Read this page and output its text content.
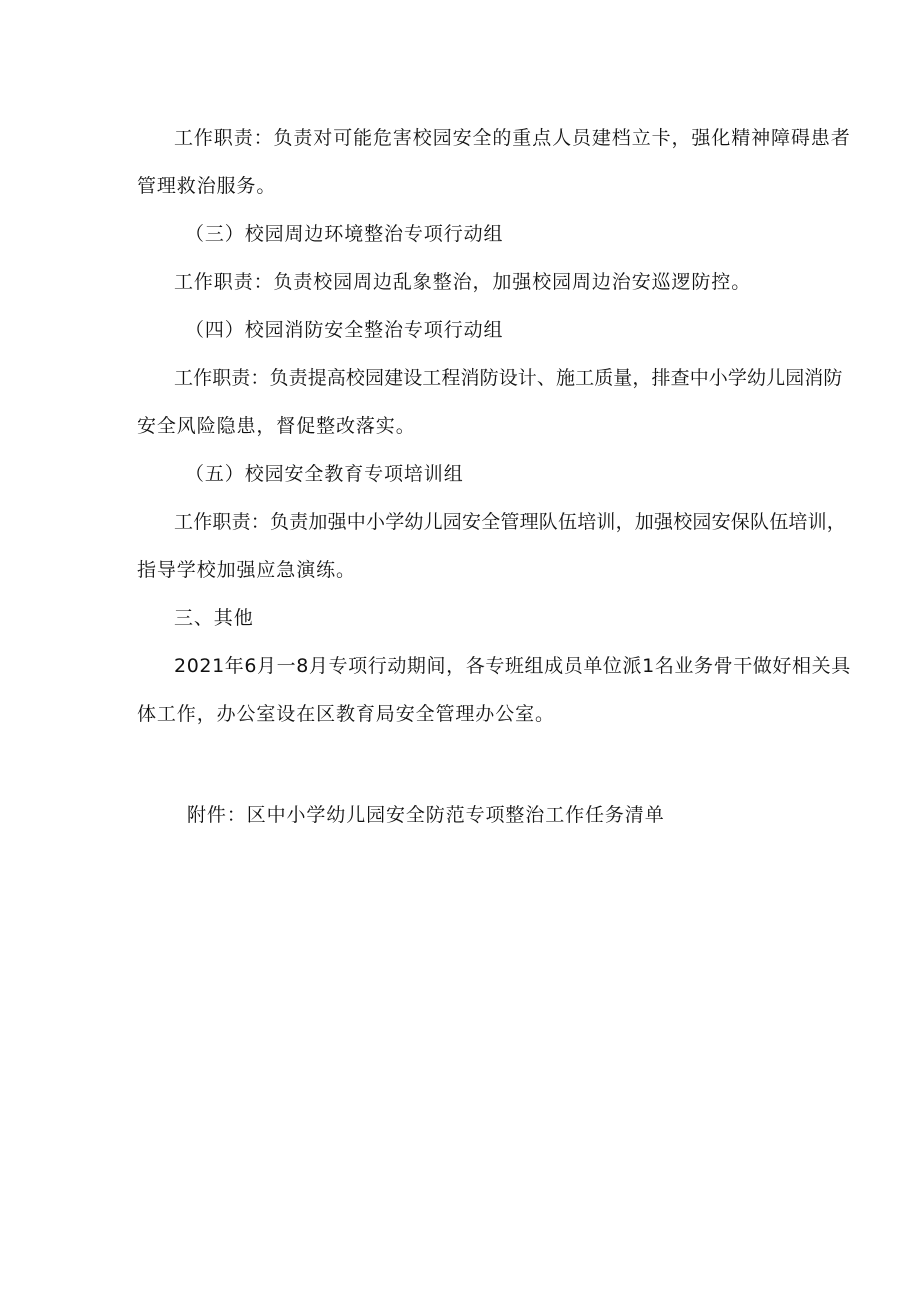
工作职责：负责对可能危害校园安全的重点人员建档立卡，强化精神障碍患者
管理救治服务。
（三）校园周边环境整治专项行动组
工作职责：负责校园周边乱象整治，加强校园周边治安巡逻防控。
（四）校园消防安全整治专项行动组
工作职责：负责提高校园建设工程消防设计、施工质量，排查中小学幼儿园消防
安全风险隐患，督促整改落实。
（五）校园安全教育专项培训组
工作职责：负责加强中小学幼儿园安全管理队伍培训，加强校园安保队伍培训，
指导学校加强应急演练。
三、其他
2021年6月一8月专项行动期间，各专班组成员单位派1名业务骨干做好相关具
体工作，办公室设在区教育局安全管理办公室。
附件：区中小学幼儿园安全防范专项整治工作任务清单
